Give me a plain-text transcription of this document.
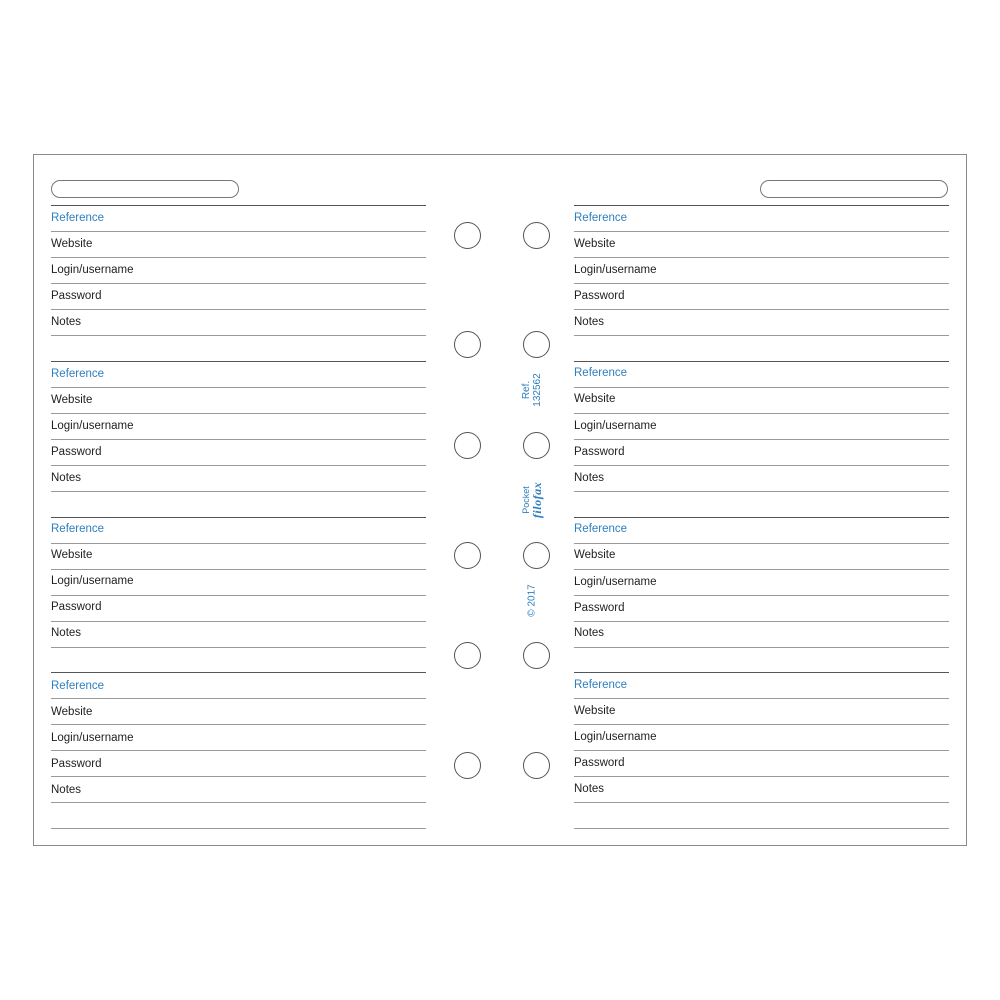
Reference
Website
Login/username
Password
Notes
Reference
Website
Login/username
Password
Notes
Reference
Website
Login/username
Password
Notes
Reference
Website
Login/username
Password
Notes
Reference
Website
Login/username
Password
Notes
Reference
Website
Login/username
Password
Notes
Reference
Website
Login/username
Password
Notes
Reference
Website
Login/username
Password
Notes
Ref. 132562
Pocket filofax
© 2017
